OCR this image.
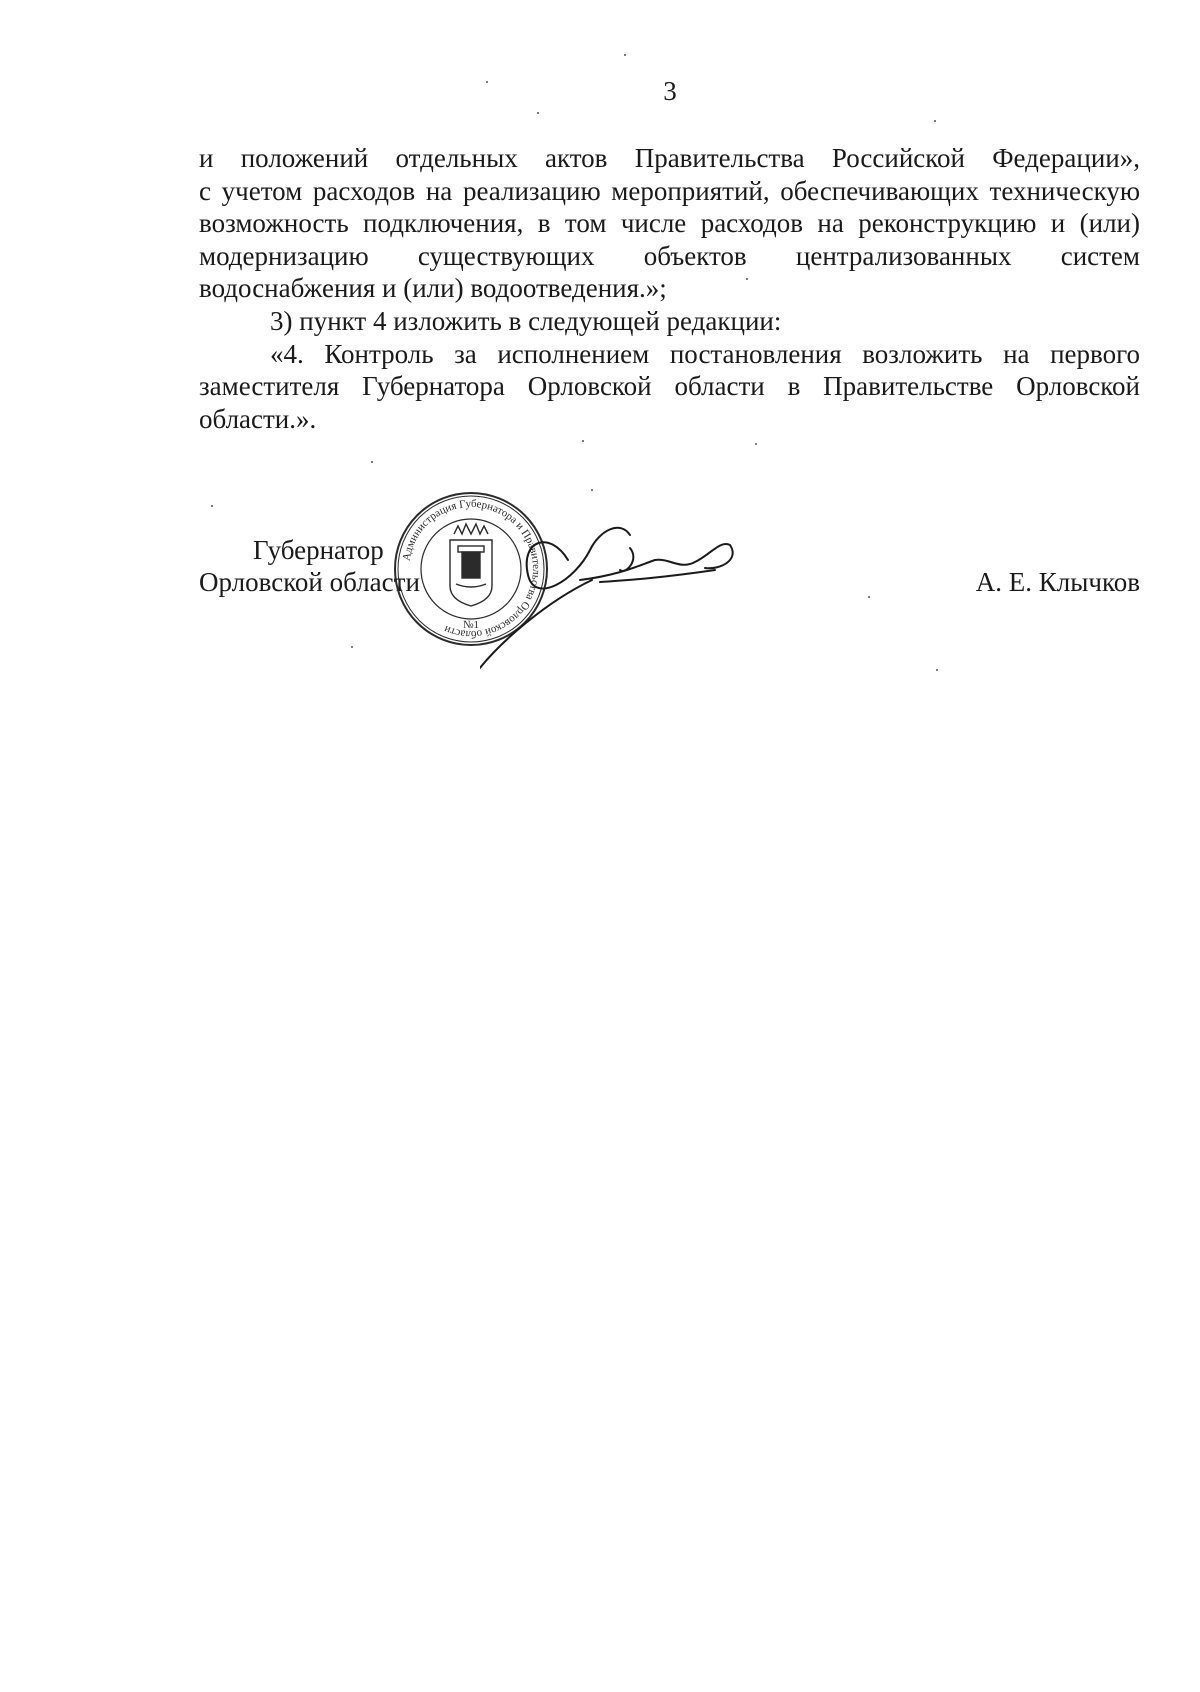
3

и положений отдельных актов Правительства Российской Федерации»,

с учетом расходов на реализацию мероприятий, обеспечивающих техническую

возможность подключения, в том числе расходов на реконструкцию и (или)

модернизацию существующих объектов централизованных систем

водоснабжения и (или) водоотведения.»;

3) пункт 4 изложить в следующей редакции:

«4. Контроль за исполнением постановления возложить на первого

заместителя Губернатора Орловской области в Правительстве Орловской

области.».

Губернатор
Орловской области	А. Е. Клычков
Администрация Губернатора и Правительства Орловской области №1
